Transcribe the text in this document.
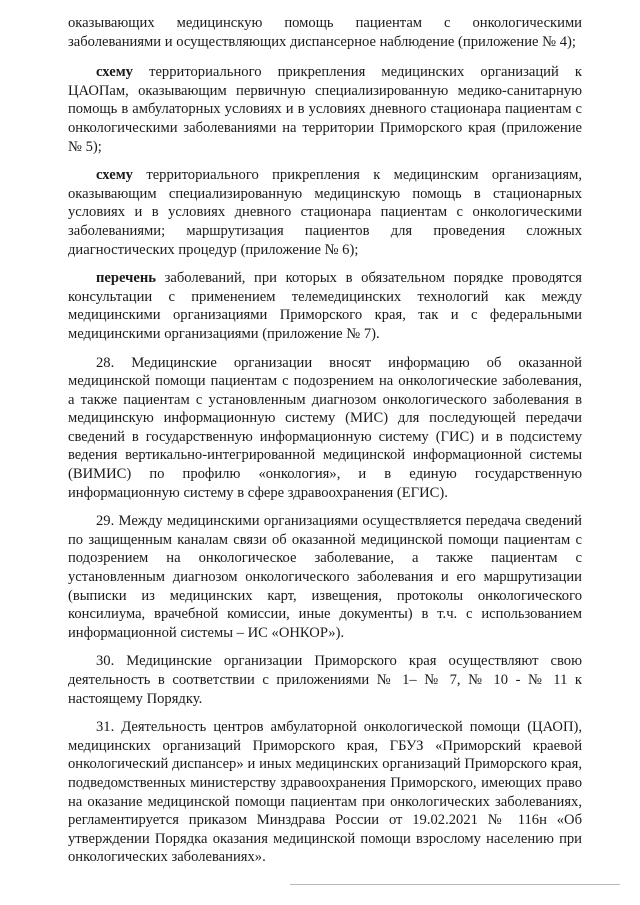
оказывающих медицинскую помощь пациентам с онкологическими заболеваниями и осуществляющих диспансерное наблюдение (приложение № 4);

схему территориального прикрепления медицинских организаций к ЦАОПам, оказывающим первичную специализированную медико-санитарную помощь в амбулаторных условиях и в условиях дневного стационара пациентам с онкологическими заболеваниями на территории Приморского края (приложение № 5);

схему территориального прикрепления к медицинским организациям, оказывающим специализированную медицинскую помощь в стационарных условиях и в условиях дневного стационара пациентам с онкологическими заболеваниями; маршрутизация пациентов для проведения сложных диагностических процедур (приложение № 6);

перечень заболеваний, при которых в обязательном порядке проводятся консультации с применением телемедицинских технологий как между медицинскими организациями Приморского края, так и с федеральными медицинскими организациями (приложение № 7).

28. Медицинские организации вносят информацию об оказанной медицинской помощи пациентам с подозрением на онкологические заболевания, а также пациентам с установленным диагнозом онкологического заболевания в медицинскую информационную систему (МИС) для последующей передачи сведений в государственную информационную систему (ГИС) и в подсистему ведения вертикально-интегрированной медицинской информационной системы (ВИМИС) по профилю «онкология», и в единую государственную информационную систему в сфере здравоохранения (ЕГИС).

29. Между медицинскими организациями осуществляется передача сведений по защищенным каналам связи об оказанной медицинской помощи пациентам с подозрением на онкологическое заболевание, а также пациентам с установленным диагнозом онкологического заболевания и его маршрутизации (выписки из медицинских карт, извещения, протоколы онкологического консилиума, врачебной комиссии, иные документы) в т.ч. с использованием информационной системы – ИС «ОНКОР»).

30. Медицинские организации Приморского края осуществляют свою деятельность в соответствии с приложениями № 1– № 7, № 10 - № 11 к настоящему Порядку.

31. Деятельность центров амбулаторной онкологической помощи (ЦАОП), медицинских организаций Приморского края, ГБУЗ «Приморский краевой онкологический диспансер» и иных медицинских организаций Приморского края, подведомственных министерству здравоохранения Приморского, имеющих право на оказание медицинской помощи пациентам при онкологических заболеваниях, регламентируется приказом Минздрава России от 19.02.2021 № 116н «Об утверждении Порядка оказания медицинской помощи взрослому населению при онкологических заболеваниях».
